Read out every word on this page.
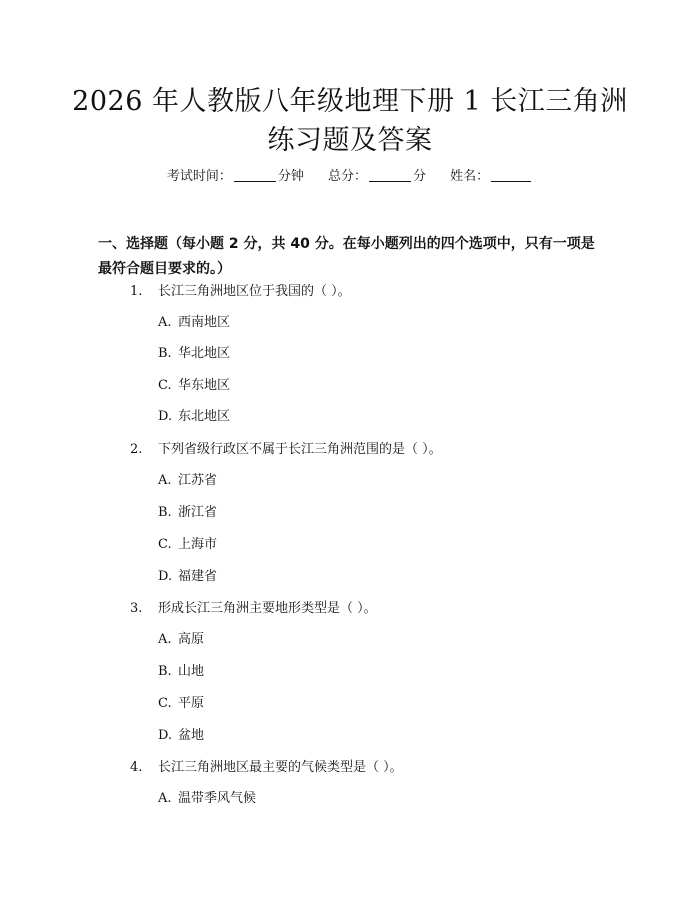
2026 年人教版八年级地理下册 1 长江三角洲
练习题及答案
考试时间：	分钟 总分：	分 姓名：
一、选择题（每小题 2 分，共 40 分。在每小题列出的四个选项中，只有一项是最符合题目要求的。）
1. 长江三角洲地区位于我国的（ ）。
A. 西南地区
B. 华北地区
C. 华东地区
D. 东北地区
2. 下列省级行政区不属于长江三角洲范围的是（ ）。
A. 江苏省
B. 浙江省
C. 上海市
D. 福建省
3. 形成长江三角洲主要地形类型是（ ）。
A. 高原
B. 山地
C. 平原
D. 盆地
4. 长江三角洲地区最主要的气候类型是（ ）。
A. 温带季风气候
